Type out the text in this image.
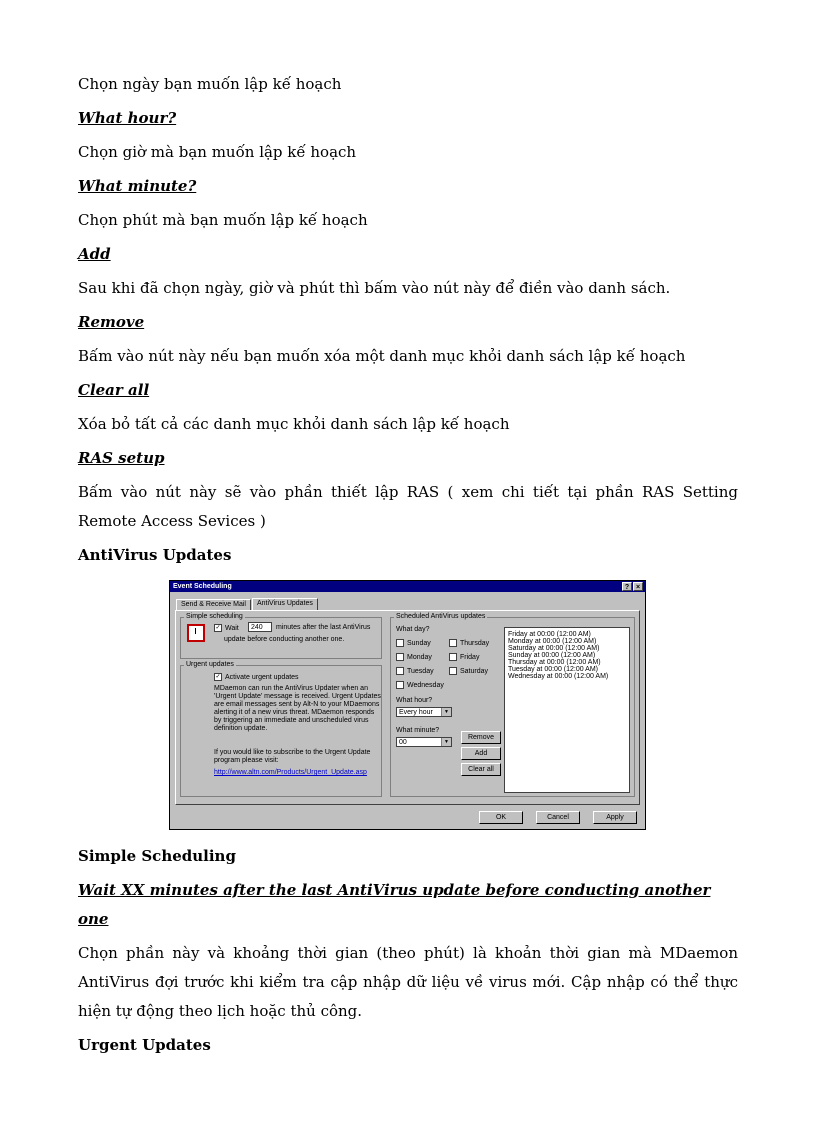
Chọn ngày bạn muốn lập kế hoạch

What hour?

Chọn giờ mà bạn muốn lập kế hoạch

What minute?

Chọn phút mà bạn muốn lập kế hoạch

Add

Sau khi đã chọn ngày, giờ và phút thì bấm vào nút này để điền vào danh sách.

Remove

Bấm vào nút này nếu bạn muốn xóa một danh mục khỏi danh sách lập kế hoạch

Clear all

Xóa bỏ tất cả các danh mục khỏi danh sách lập kế hoạch

RAS setup

Bấm vào nút này sẽ vào phần thiết lập RAS ( xem chi tiết tại phần RAS Setting Remote Access Sevices )

AntiVirus Updates

Event Scheduling	? ×
Send & Receive Mail	AntiVirus Updates
Simple scheduling
✓ Wait	240	minutes after the last AntiVirus
update before conducting another one.
Urgent updates
✓ Activate urgent updates
MDaemon can run the AntiVirus Updater when an
'Urgent Update' message is received. Urgent Updates
are email messages sent by Alt-N to your MDaemons
alerting it of a new virus threat. MDaemon responds
by triggering an immediate and unscheduled virus
definition update.
If you would like to subscribe to the Urgent Update
program please visit:
http://www.altn.com/Products/Urgent_Update.asp
Scheduled AntiVirus updates
What day?
Sunday
Monday
Tuesday
Wednesday
Thursday
Friday
Saturday
What hour?
Every hour	▼
What minute?
00	▼
Remove
Add
Clear all
Friday at 00:00 (12:00 AM)
Monday at 00:00 (12:00 AM)
Saturday at 00:00 (12:00 AM)
Sunday at 00:00 (12:00 AM)
Thursday at 00:00 (12:00 AM)
Tuesday at 00:00 (12:00 AM)
Wednesday at 00:00 (12:00 AM)
OK	Cancel	Apply

Simple Scheduling

Wait XX minutes after the last AntiVirus update before conducting another one

Chọn phần này và khoảng thời gian (theo phút) là khoản thời gian mà MDaemon AntiVirus đợi trước khi kiểm tra cập nhập dữ liệu về virus mới. Cập nhập có thể thực hiện tự động theo lịch hoặc thủ công.

Urgent Updates
